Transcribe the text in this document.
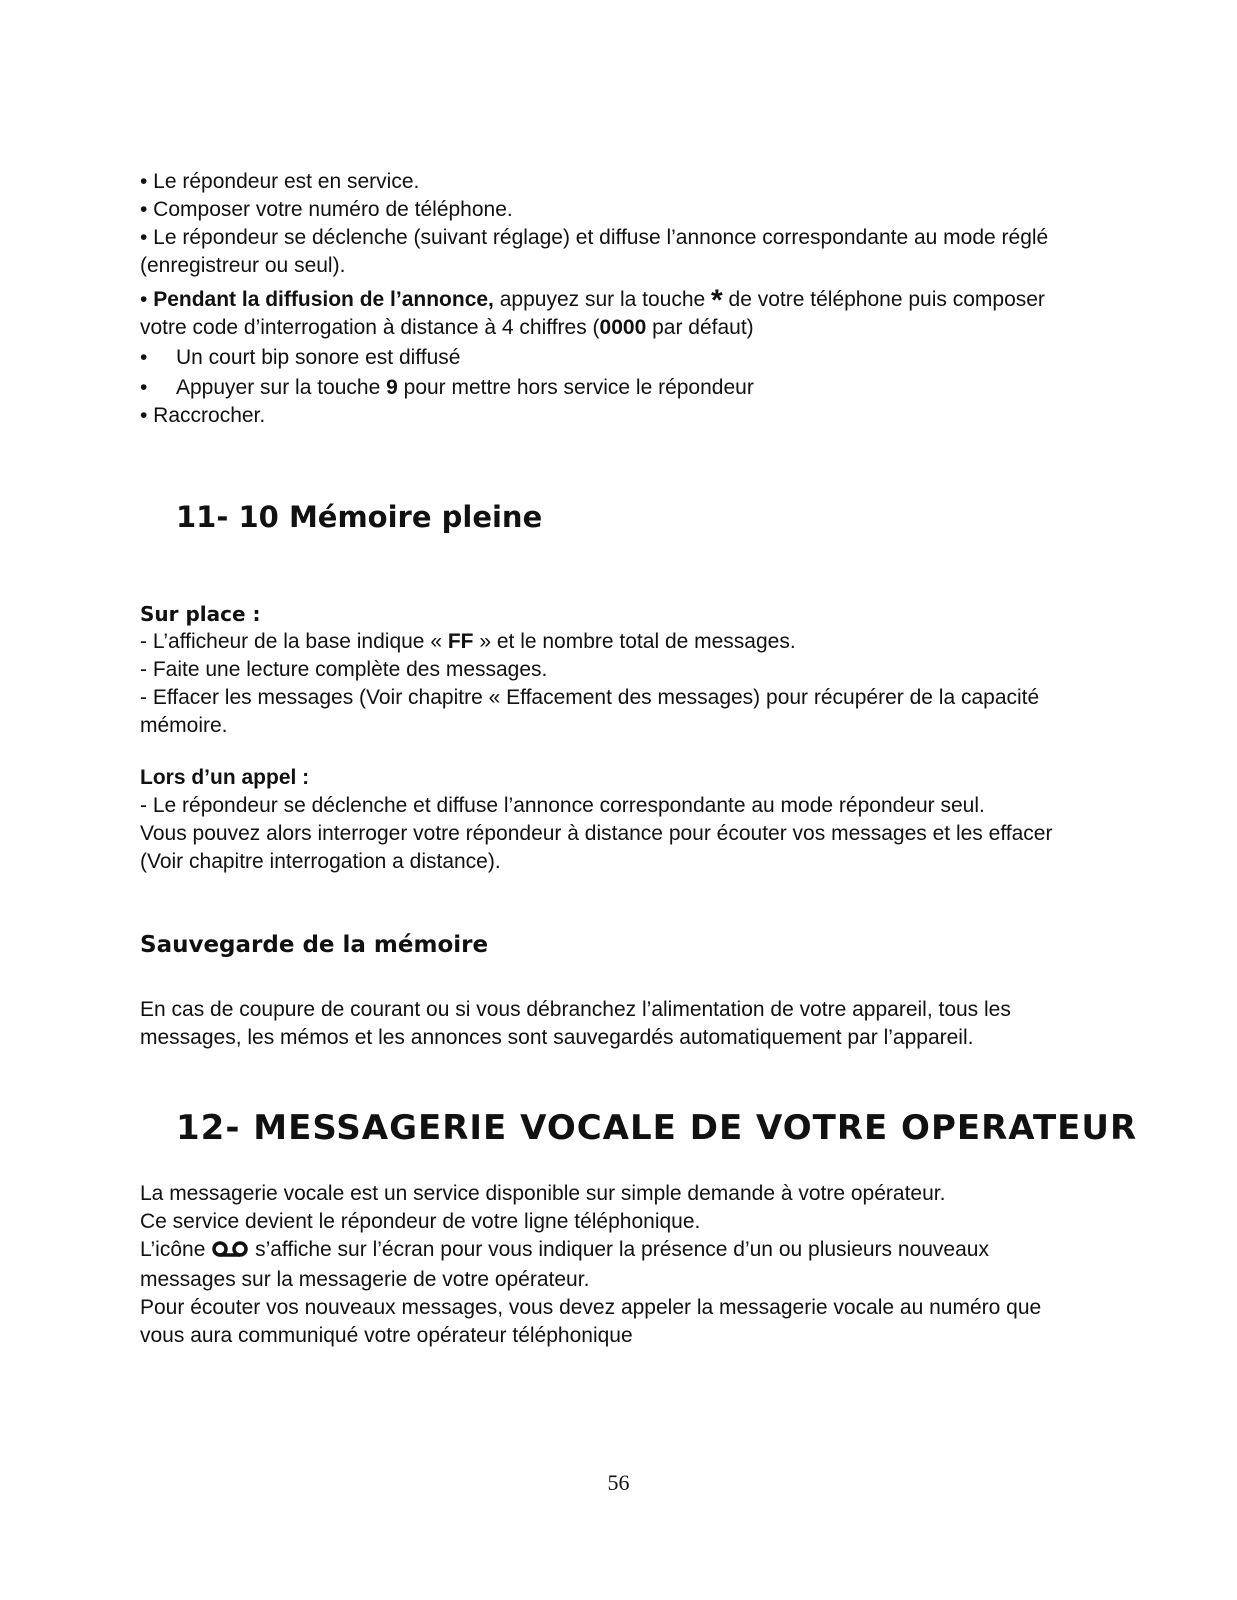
• Le répondeur est en service.

• Composer votre numéro de téléphone.

• Le répondeur se déclenche (suivant réglage) et diffuse l’annonce correspondante au mode réglé (enregistreur ou seul).

• Pendant la diffusion de l’annonce, appuyez sur la touche * de votre téléphone puis composer votre code d’interrogation à distance à 4 chiffres (0000 par défaut)

•	Un court bip sonore est diffusé
•	Appuyer sur la touche 9 pour mettre hors service le répondeur

• Raccrocher.

11- 10 Mémoire pleine

Sur place :

- L’afficheur de la base indique « FF » et le nombre total de messages.

- Faite une lecture complète des messages.

- Effacer les messages (Voir chapitre « Effacement des messages) pour récupérer de la capacité mémoire.

Lors d’un appel :

- Le répondeur se déclenche et diffuse l’annonce correspondante au mode répondeur seul.

Vous pouvez alors interroger votre répondeur à distance pour écouter vos messages et les effacer (Voir chapitre interrogation a distance).

Sauvegarde de la mémoire

En cas de coupure de courant ou si vous débranchez l’alimentation de votre appareil, tous les messages, les mémos et les annonces sont sauvegardés automatiquement par l’appareil.

12- MESSAGERIE VOCALE DE VOTRE OPERATEUR

La messagerie vocale est un service disponible sur simple demande à votre opérateur.

Ce service devient le répondeur de votre ligne téléphonique.

L’icône  s’affiche sur l’écran pour vous indiquer la présence d’un ou plusieurs nouveaux messages sur la messagerie de votre opérateur.

Pour écouter vos nouveaux messages, vous devez appeler la messagerie vocale au numéro que vous aura communiqué votre opérateur téléphonique

56
